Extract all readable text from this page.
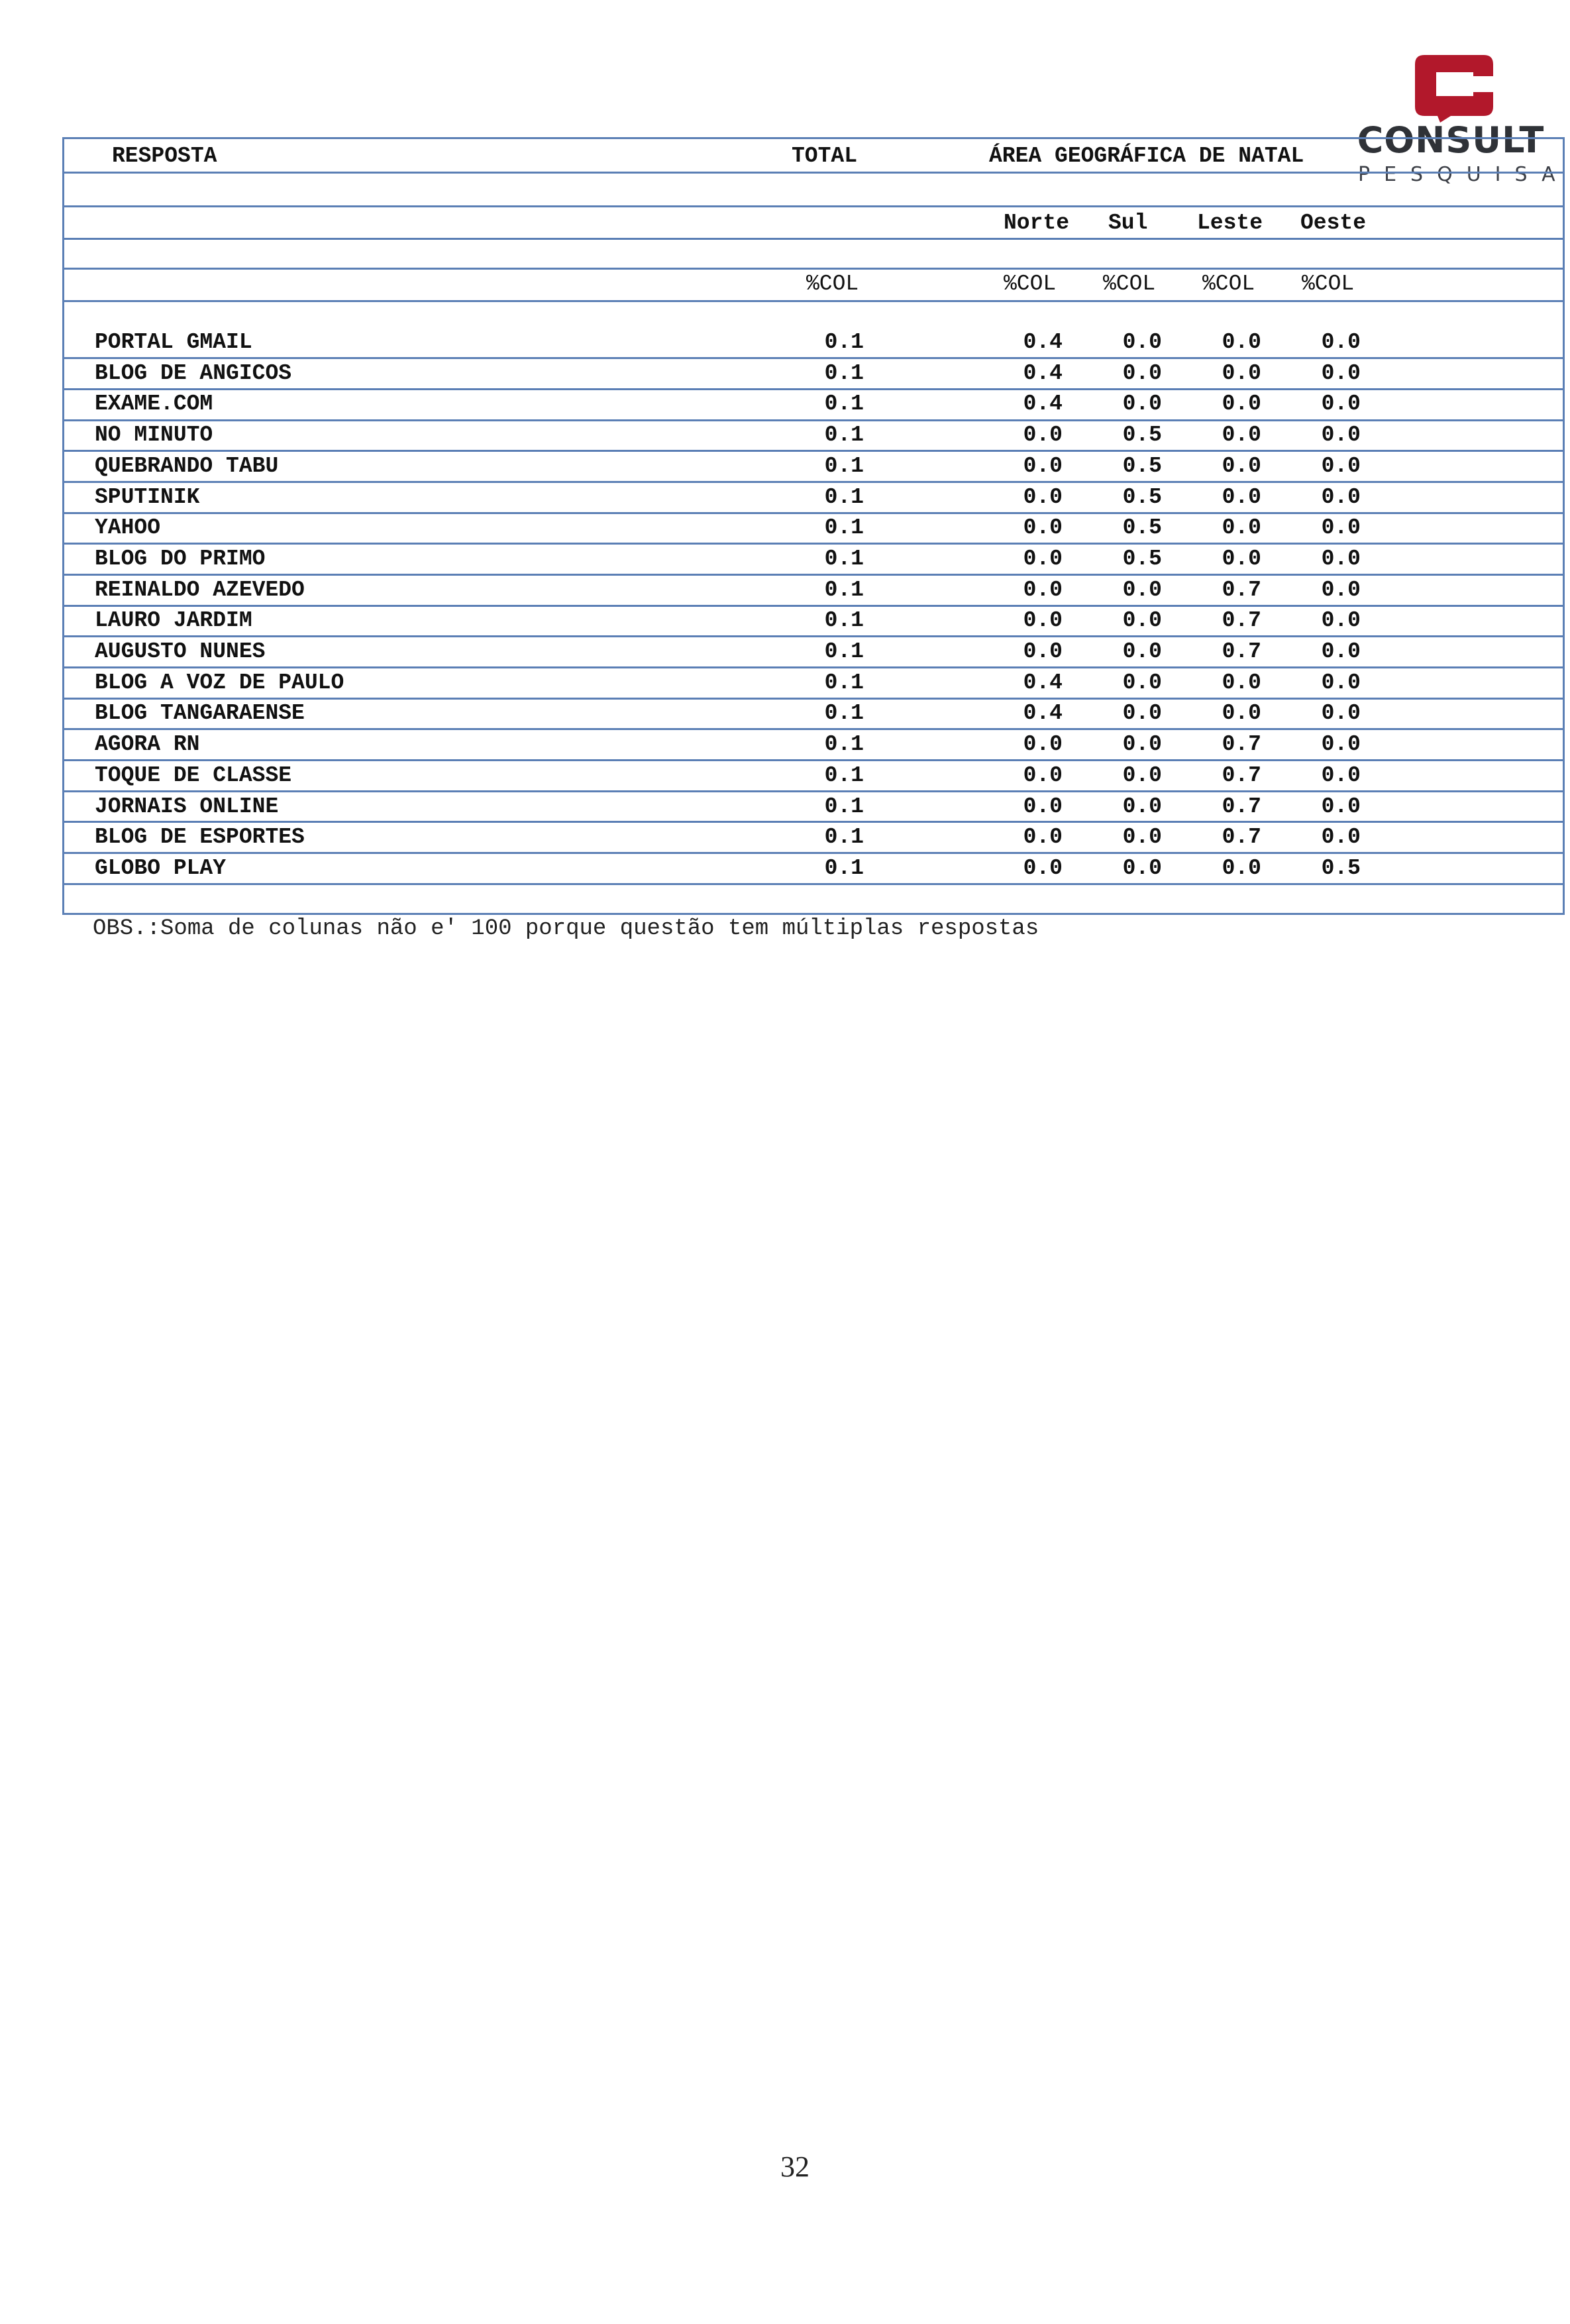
CONSULT
PESQUISA
RESPOSTA	TOTAL	ÁREA GEOGRÁFICA DE NATAL
Norte Sul Leste Oeste
%COL	%COL %COL %COL %COL
PORTAL GMAIL	0.1	0.4	0.0	0.0	0.0
BLOG DE ANGICOS	0.1	0.4	0.0	0.0	0.0
EXAME.COM	0.1	0.4	0.0	0.0	0.0
NO MINUTO	0.1	0.0	0.5	0.0	0.0
QUEBRANDO TABU	0.1	0.0	0.5	0.0	0.0
SPUTINIK	0.1	0.0	0.5	0.0	0.0
YAHOO	0.1	0.0	0.5	0.0	0.0
BLOG DO PRIMO	0.1	0.0	0.5	0.0	0.0
REINALDO AZEVEDO	0.1	0.0	0.0	0.7	0.0
LAURO JARDIM	0.1	0.0	0.0	0.7	0.0
AUGUSTO NUNES	0.1	0.0	0.0	0.7	0.0
BLOG A VOZ DE PAULO	0.1	0.4	0.0	0.0	0.0
BLOG TANGARAENSE	0.1	0.4	0.0	0.0	0.0
AGORA RN	0.1	0.0	0.0	0.7	0.0
TOQUE DE CLASSE	0.1	0.0	0.0	0.7	0.0
JORNAIS ONLINE	0.1	0.0	0.0	0.7	0.0
BLOG DE ESPORTES	0.1	0.0	0.0	0.7	0.0
GLOBO PLAY	0.1	0.0	0.0	0.0	0.5
OBS.:Soma de colunas não e' 100 porque questão tem múltiplas respostas
32
